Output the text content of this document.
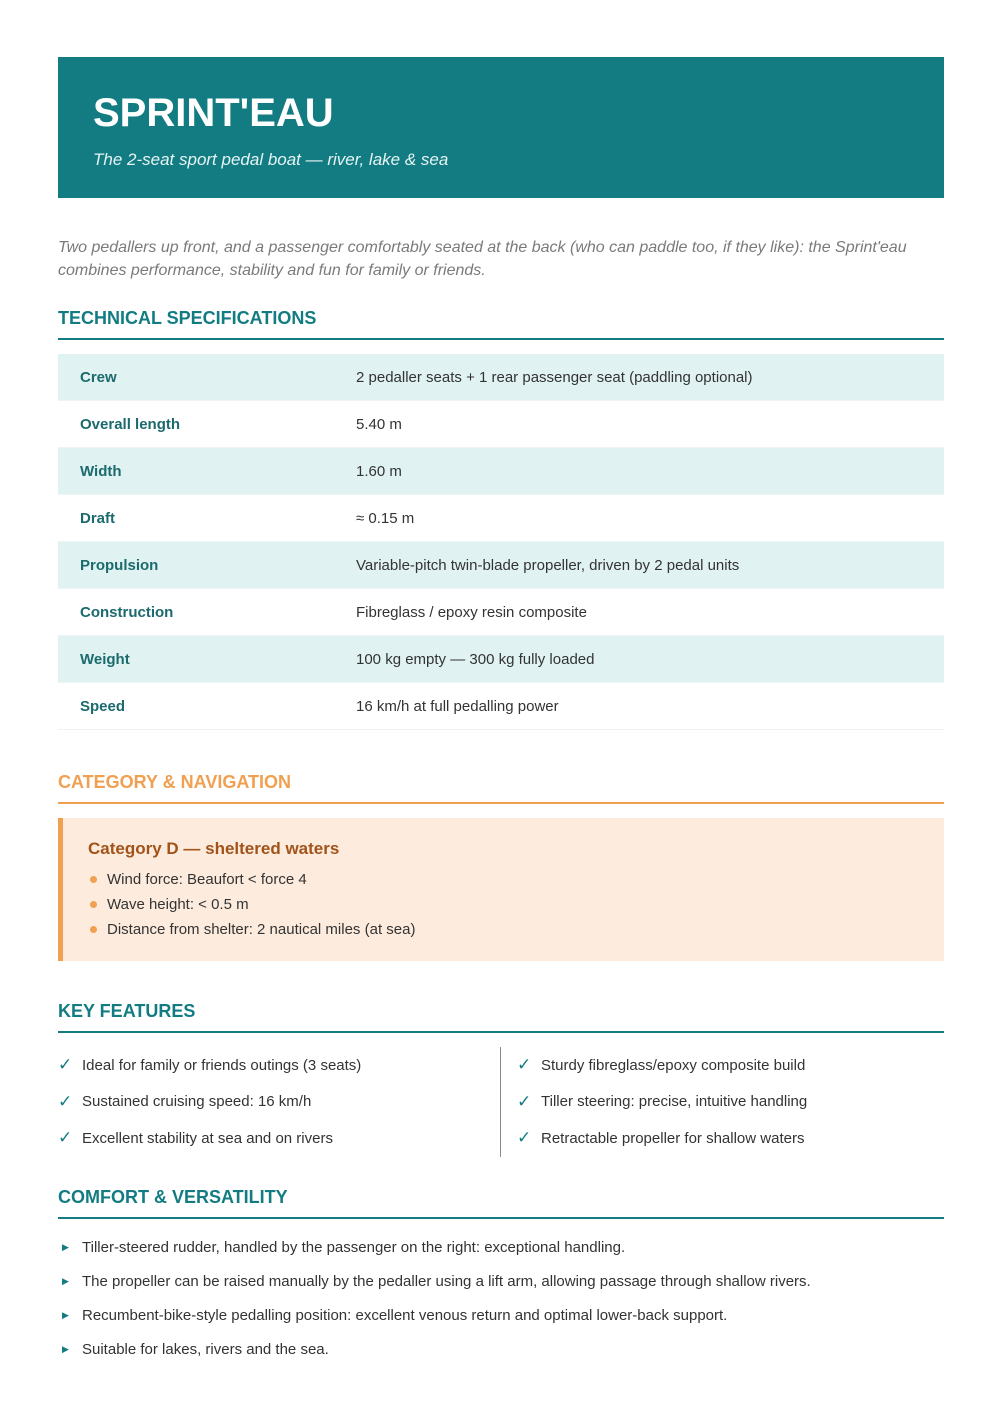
SPRINT'EAU
The 2-seat sport pedal boat — river, lake & sea
Two pedallers up front, and a passenger comfortably seated at the back (who can paddle too, if they like): the Sprint'eau combines performance, stability and fun for family or friends.
TECHNICAL SPECIFICATIONS
Crew	2 pedaller seats + 1 rear passenger seat (paddling optional)
Overall length	5.40 m
Width	1.60 m
Draft	≈ 0.15 m
Propulsion	Variable-pitch twin-blade propeller, driven by 2 pedal units
Construction	Fibreglass / epoxy resin composite
Weight	100 kg empty — 300 kg fully loaded
Speed	16 km/h at full pedalling power
CATEGORY & NAVIGATION
Category D — sheltered waters
Wind force: Beaufort < force 4
Wave height: < 0.5 m
Distance from shelter: 2 nautical miles (at sea)
KEY FEATURES
✓ Ideal for family or friends outings (3 seats)
✓ Sustained cruising speed: 16 km/h
✓ Excellent stability at sea and on rivers
✓ Sturdy fibreglass/epoxy composite build
✓ Tiller steering: precise, intuitive handling
✓ Retractable propeller for shallow waters
COMFORT & VERSATILITY
▶ Tiller-steered rudder, handled by the passenger on the right: exceptional handling.
▶ The propeller can be raised manually by the pedaller using a lift arm, allowing passage through shallow rivers.
▶ Recumbent-bike-style pedalling position: excellent venous return and optimal lower-back support.
▶ Suitable for lakes, rivers and the sea.
